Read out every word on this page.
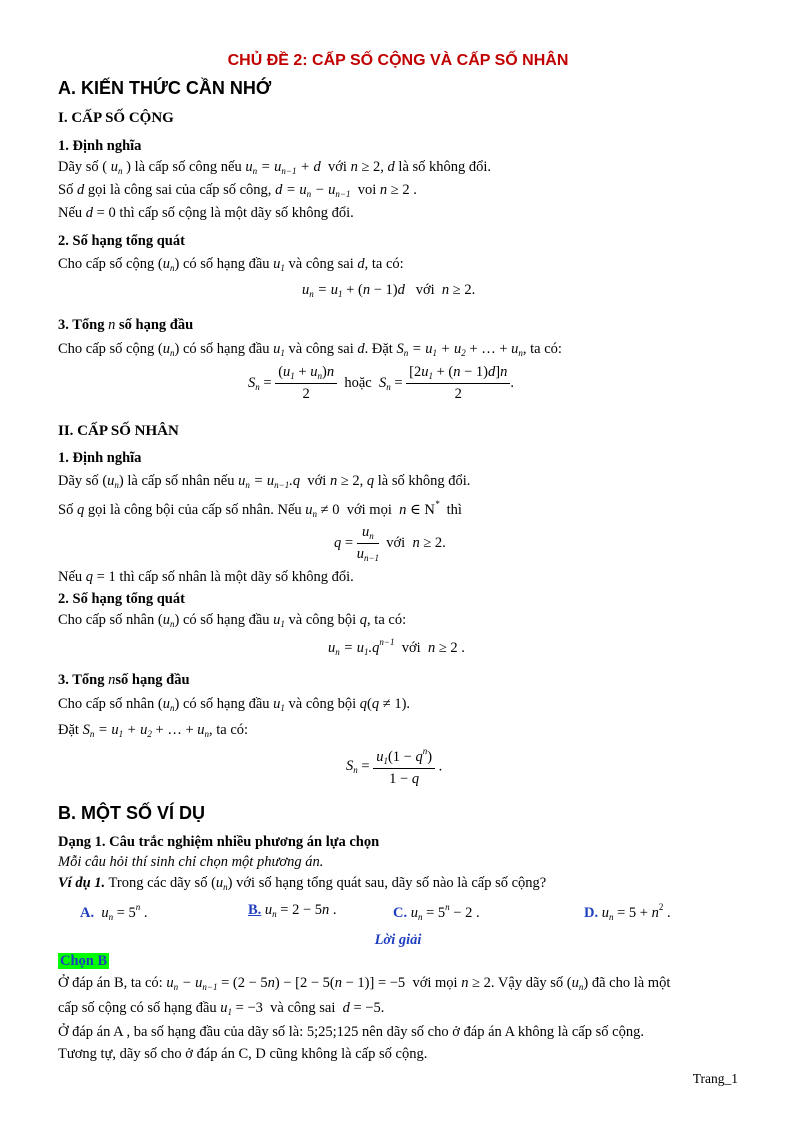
CHỦ ĐỀ 2: CẤP SỐ CỘNG VÀ CẤP SỐ NHÂN
A. KIẾN THỨC CẦN NHỚ
I. CẤP SỐ CỘNG
1. Định nghĩa
Dãy số ( $u_n$ ) là cấp số công nếu $u_n = u_{n-1} + d$ với n ≥ 2, d là số không đổi.
Số d gọi là công sai của cấp số công, $d = u_n - u_{n-1}$ voi n ≥ 2 .
Nếu d = 0 thì cấp số cộng là một dãy số không đổi.
2. Số hạng tổng quát
Cho cấp số cộng $(u_n)$ có số hạng đầu $u_1$ và công sai d, ta có:
$u_n = u_1 + (n - 1)d$ với n ≥ 2.
3. Tổng n số hạng đầu
Cho cấp số cộng $(u_n)$ có số hạng đầu $u_1$ và công sai d. Đặt $S_n = u_1 + u_2$ + … + $u_n$, ta có:
$S_n = \frac{(u_1 + u_n)n}{2}$ hoặc $S_n = \frac{[2u_1 + (n - 1)d]n}{2}$ .
II. CẤP SỐ NHÂN
1. Định nghĩa
Dãy số $(u_n)$ là cấp số nhân nếu $u_n = u_{n-1}.q$ với n ≥ 2, q là số không đổi.
Số q gọi là công bội của cấp số nhân. Nếu $u_n \ne 0$  với mọi n ∈ N* thì
$q = \frac{u_n}{u_{n-1}}$ với n ≥ 2.
Nếu q = 1 thì cấp số nhân là một dãy số không đổi.
2. Số hạng tổng quát
Cho cấp số nhân $(u_n)$ có số hạng đầu $u_1$ và công bội q, ta có:
$u_n = u_1.q^{n-1}$ với n ≥ 2 .
3. Tổng nsố hạng đầu
Cho cấp số nhân $(u_n)$ có số hạng đầu $u_1$ và công bội q(q ≠ 1).
Đặt $S_n = u_1 + u_2$ + … + $u_n$, ta có:
$S_n = \frac{u_1(1 - q^n)}{1 - q}$ .
B. MỘT SỐ VÍ DỤ
Dạng 1. Câu trắc nghiệm nhiều phương án lựa chọn
Mỗi câu hỏi thí sinh chỉ chọn một phương án.
Ví dụ 1. Trong các dãy số $(u_n)$ với số hạng tổng quát sau, dãy số nào là cấp số cộng?
A. $u_n = 5^n$ .	B. $u_n = 2 - 5n$ .	C. $u_n = 5^n - 2$ .	D. $u_n = 5 + n^2$ .
Lời giải
Chọn B
Ở đáp án B, ta có: $u_n - u_{n-1} = (2 - 5n) - [2 - 5(n - 1)] = -5$  với mọi n ≥ 2. Vậy dãy số $(u_n)$ đã cho là một
cấp số cộng có số hạng đầu $u_1 = -3$  và công sai d = −5.
Ở đáp án A , ba số hạng đầu của dãy số là: 5;25;125 nên dãy số cho ở đáp án A không là cấp số cộng.
Tương tự, dãy số cho ở đáp án C, D cũng không là cấp số cộng.
Trang_1
